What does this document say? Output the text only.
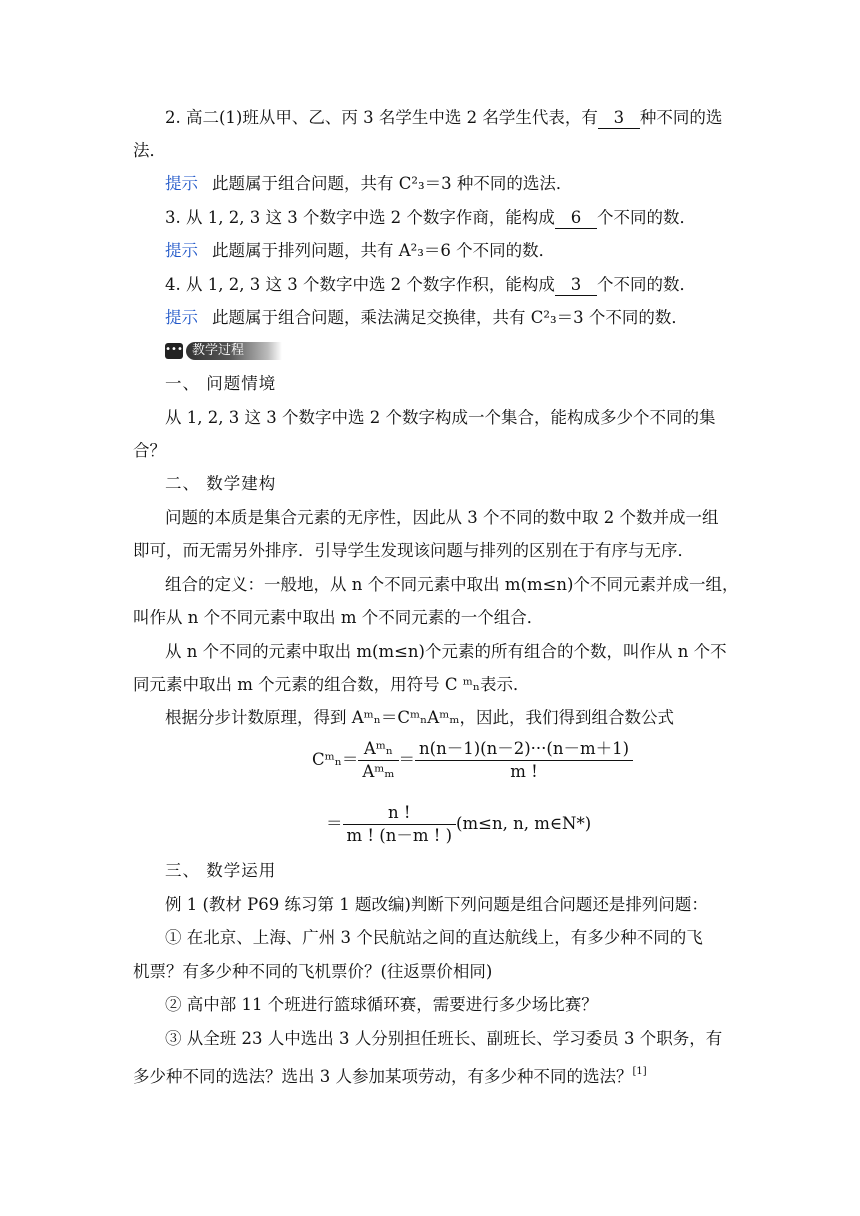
2. 高二(1)班从甲、乙、丙 3 名学生中选 2 名学生代表，有 3 种不同的选
法．
提示 此题属于组合问题，共有 C²₃＝3 种不同的选法．
3. 从 1, 2, 3 这 3 个数字中选 2 个数字作商，能构成 6 个不同的数．
提示 此题属于排列问题，共有 A²₃＝6 个不同的数．
4. 从 1, 2, 3 这 3 个数字中选 2 个数字作积，能构成 3 个不同的数．
提示 此题属于组合问题，乘法满足交换律，共有 C²₃＝3 个不同的数．
••• 教学过程
一、 问题情境
从 1, 2, 3 这 3 个数字中选 2 个数字构成一个集合，能构成多少个不同的集
合？
二、 数学建构
问题的本质是集合元素的无序性，因此从 3 个不同的数中取 2 个数并成一组
即可，而无需另外排序．引导学生发现该问题与排列的区别在于有序与无序．
组合的定义：一般地，从 n 个不同元素中取出 m(m≤n)个不同元素并成一组，
叫作从 n 个不同元素中取出 m 个不同元素的一个组合．
从 n 个不同的元素中取出 m(m≤n)个元素的所有组合的个数，叫作从 n 个不
同元素中取出 m 个元素的组合数，用符号 C ᵐₙ表示．
根据分步计数原理，得到 Aᵐₙ＝CᵐₙAᵐₘ，因此，我们得到组合数公式
Cᵐₙ＝ $\frac{\text{Aᵐₙ}}{\text{Aᵐₘ}} = \frac{n(n-1)(n-2)\cdot\cdot\cdot(n-m+1)}{m !}$
＝ $\frac{n !}{m ! (n-m ! )} (m\le n$, n, m∈N*)
三、 数学运用
例 1 (教材 P69 练习第 1 题改编)判断下列问题是组合问题还是排列问题：
① 在北京、上海、广州 3 个民航站之间的直达航线上，有多少种不同的飞
机票？有多少种不同的飞机票价？(往返票价相同)
② 高中部 11 个班进行篮球循环赛，需要进行多少场比赛？
③ 从全班 23 人中选出 3 人分别担任班长、副班长、学习委员 3 个职务，有
多少种不同的选法？选出 3 人参加某项劳动，有多少种不同的选法？[1]
